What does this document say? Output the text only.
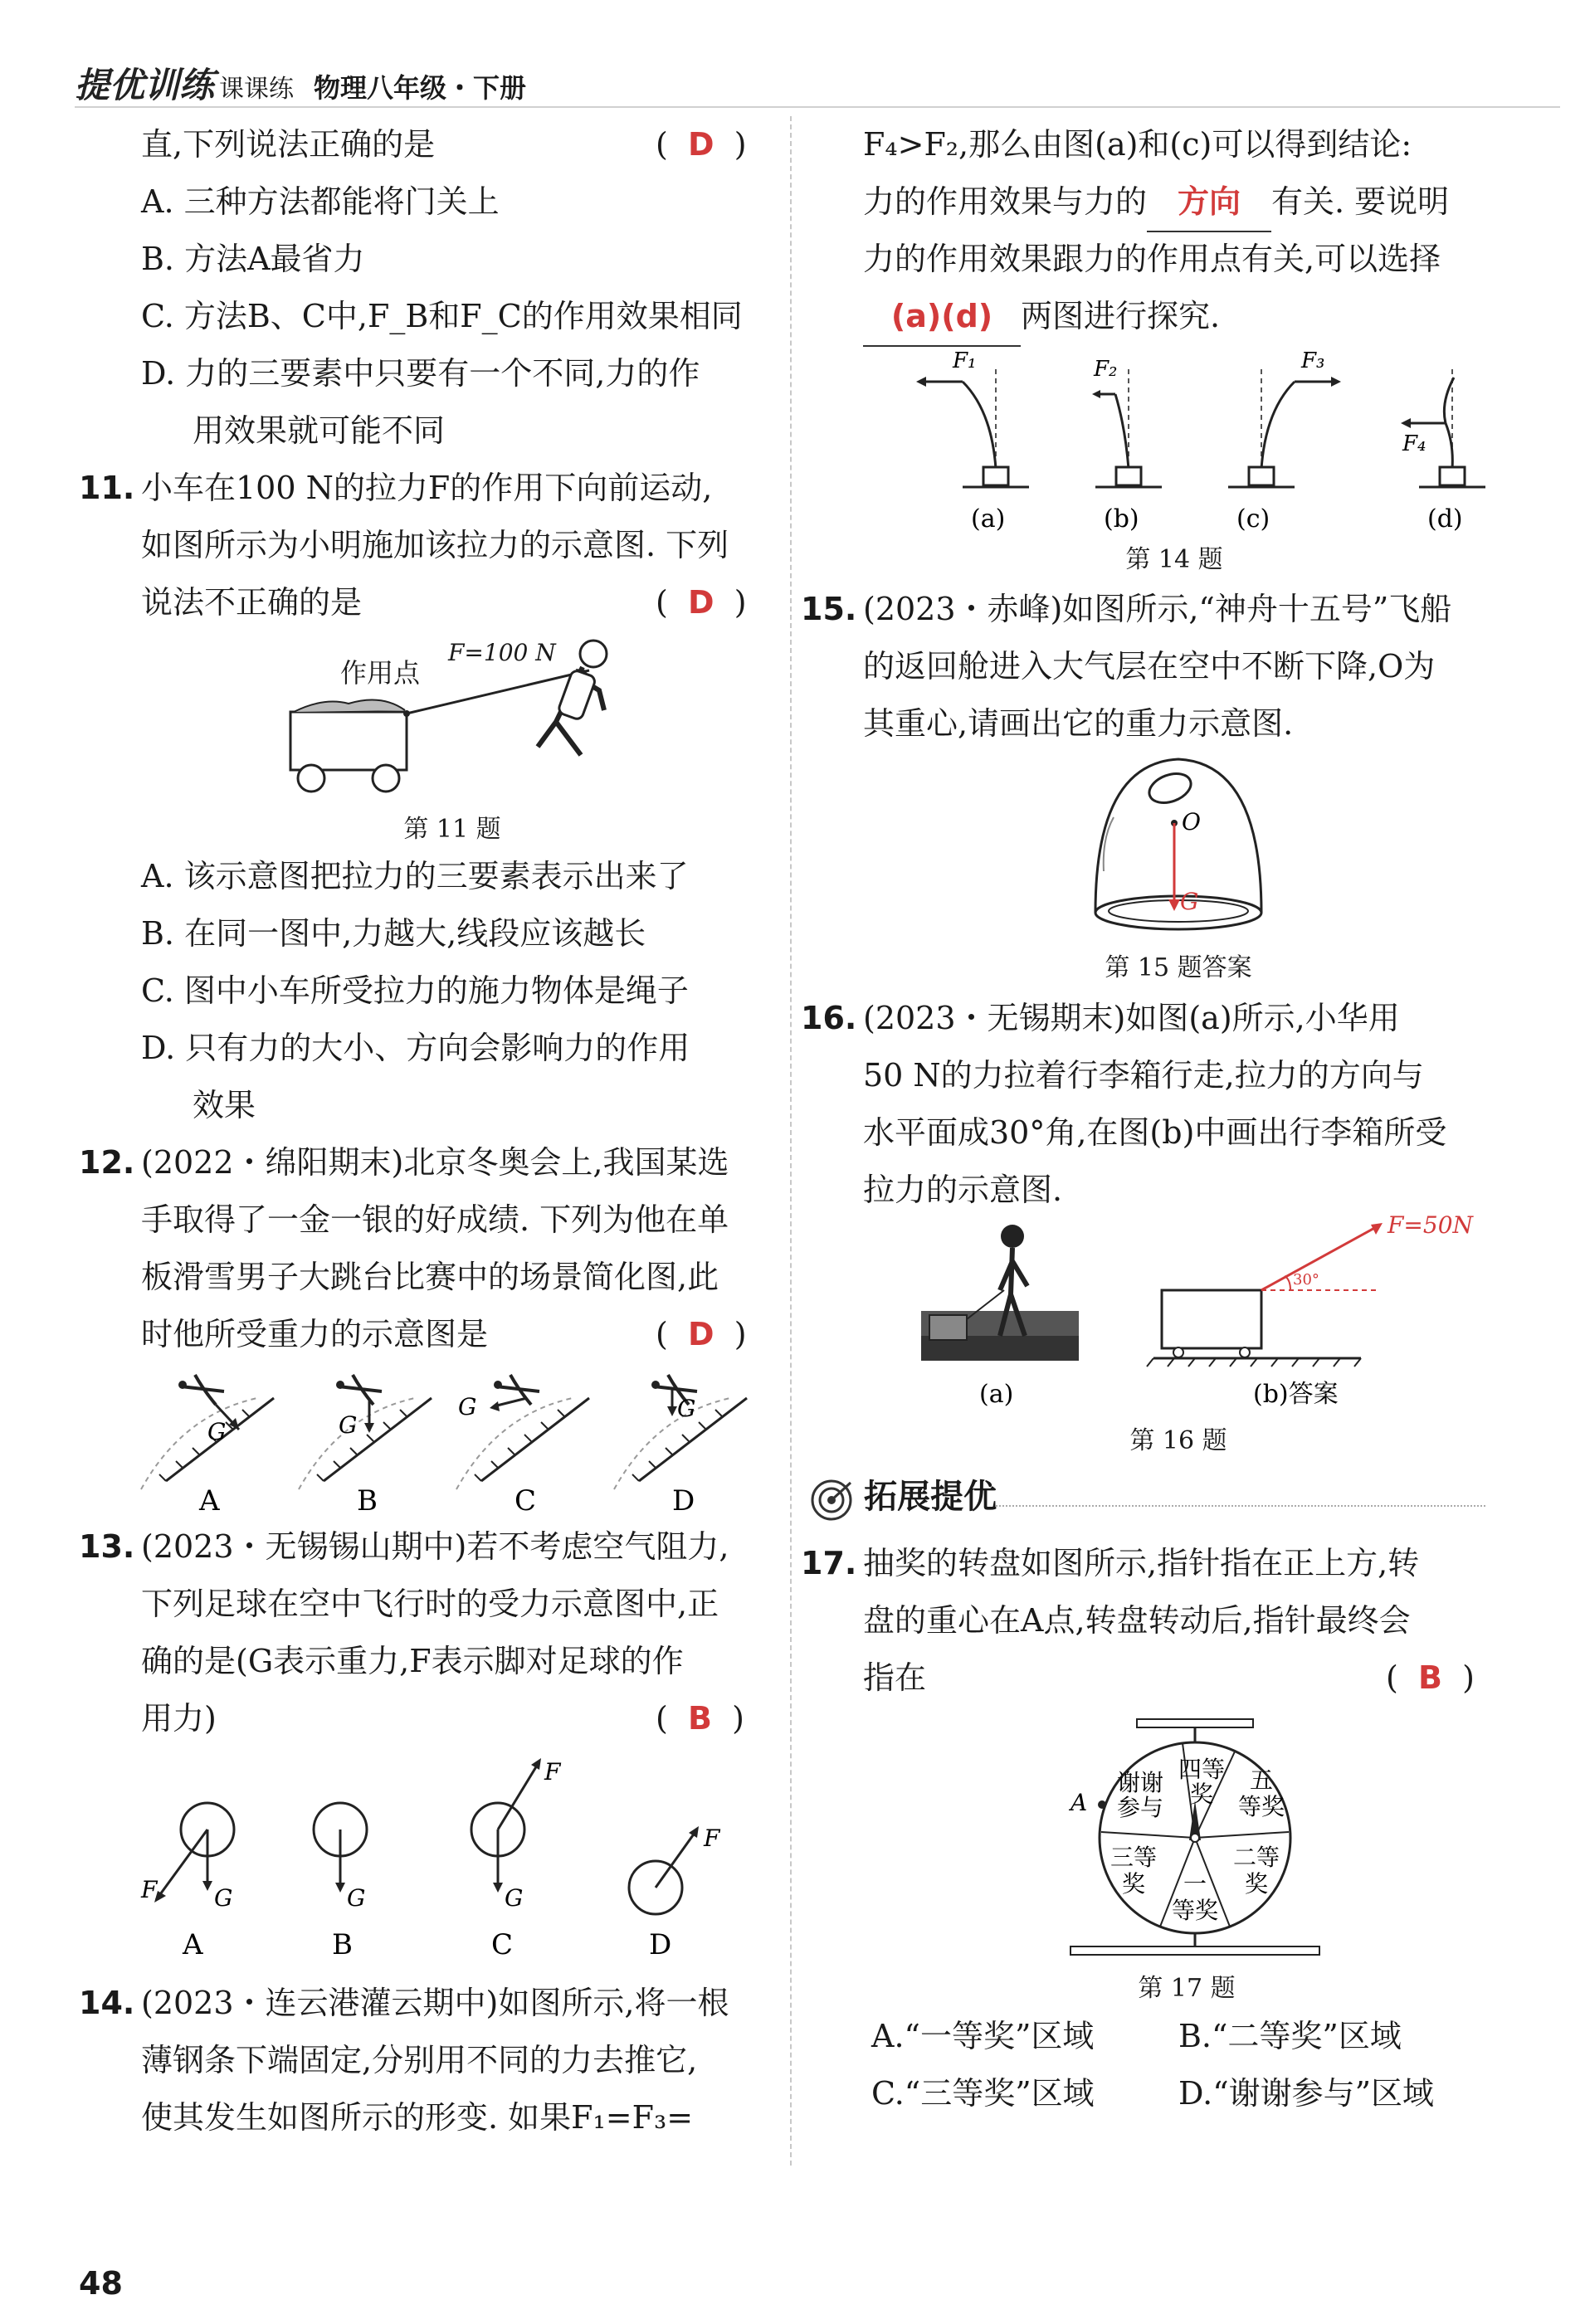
提优训练 课课练 物理八年级・下册
直,下列说法正确的是	(  D  )
A. 三种方法都能将门关上
B. 方法A最省力
C. 方法B、C中,F_B和F_C的作用效果相同
D. 力的三要素中只要有一个不同,力的作
用效果就可能不同
11. 小车在100 N的拉力F的作用下向前运动,
如图所示为小明施加该拉力的示意图. 下列
说法不正确的是	(  D  )
作用点
F=100 N
第 11 题
A. 该示意图把拉力的三要素表示出来了
B. 在同一图中,力越大,线段应该越长
C. 图中小车所受拉力的施力物体是绳子
D. 只有力的大小、方向会影响力的作用
效果
12. (2022・绵阳期末)北京冬奥会上,我国某选
手取得了一金一银的好成绩. 下列为他在单
板滑雪男子大跳台比赛中的场景简化图,此
时他所受重力的示意图是	(  D  )
G
A
G
B
G
C
G
D
13. (2023・无锡锡山期中)若不考虑空气阻力,
下列足球在空中飞行时的受力示意图中,正
确的是(G表示重力,F表示脚对足球的作
用力)	(  B  )
F G
A
G
B
F
G
C
F
D
14. (2023・连云港灌云期中)如图所示,将一根
薄钢条下端固定,分别用不同的力去推它,
使其发生如图所示的形变. 如果F₁=F₃=
F₄>F₂,那么由图(a)和(c)可以得到结论:
力的作用效果与力的 方向 有关. 要说明
力的作用效果跟力的作用点有关,可以选择
(a)(d) 两图进行探究.
F₁
(a)
F₂
(b)
F₃
(c)
F₄
(d)
第 14 题
15. (2023・赤峰)如图所示,“神舟十五号”飞船
的返回舱进入大气层在空中不断下降,O为
其重心,请画出它的重力示意图.
O
G
第 15 题答案
16. (2023・无锡期末)如图(a)所示,小华用
50 N的力拉着行李箱行走,拉力的方向与
水平面成30°角,在图(b)中画出行李箱所受
拉力的示意图.
(a)
30°
F=50N
(b)答案
第 16 题
拓展提优
17. 抽奖的转盘如图所示,指针指在正上方,转
盘的重心在A点,转盘转动后,指针最终会
指在	(  B  )
A
四等奖
五等奖
二等奖
一等奖
三等奖
谢谢参与
第 17 题
A.“一等奖”区域	B.“二等奖”区域
C.“三等奖”区域	D.“谢谢参与”区域
48
